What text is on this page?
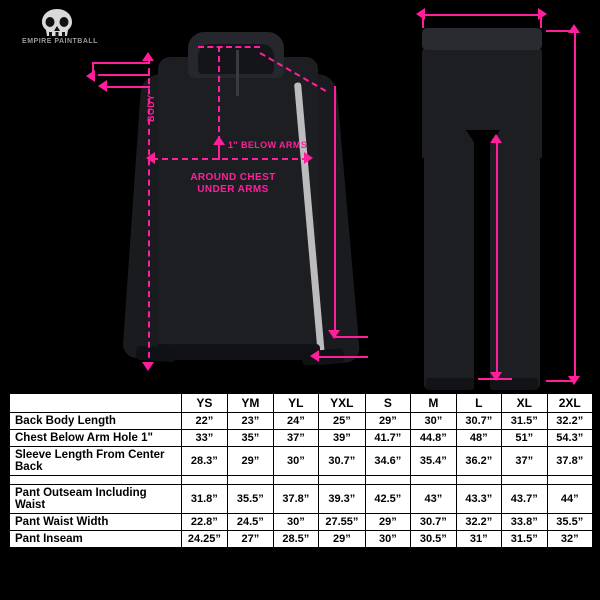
EMPIRE PAINTBALL
BODY
1" BELOW ARMS
AROUND CHEST
UNDER ARMS
	YS	YM	YL	YXL	S	M	L	XL	2XL
Back Body Length	22”	23”	24”	25”	29”	30”	30.7”	31.5”	32.2”
Chest Below Arm Hole 1"	33”	35”	37”	39”	41.7”	44.8”	48”	51”	54.3”
Sleeve Length From Center Back	28.3”	29”	30”	30.7”	34.6”	35.4”	36.2”	37”	37.8”

Pant Outseam Including Waist	31.8”	35.5”	37.8”	39.3”	42.5”	43”	43.3”	43.7”	44”
Pant Waist Width	22.8”	24.5”	30”	27.55”	29”	30.7”	32.2”	33.8”	35.5”
Pant Inseam	24.25”	27”	28.5”	29”	30”	30.5”	31”	31.5”	32”
